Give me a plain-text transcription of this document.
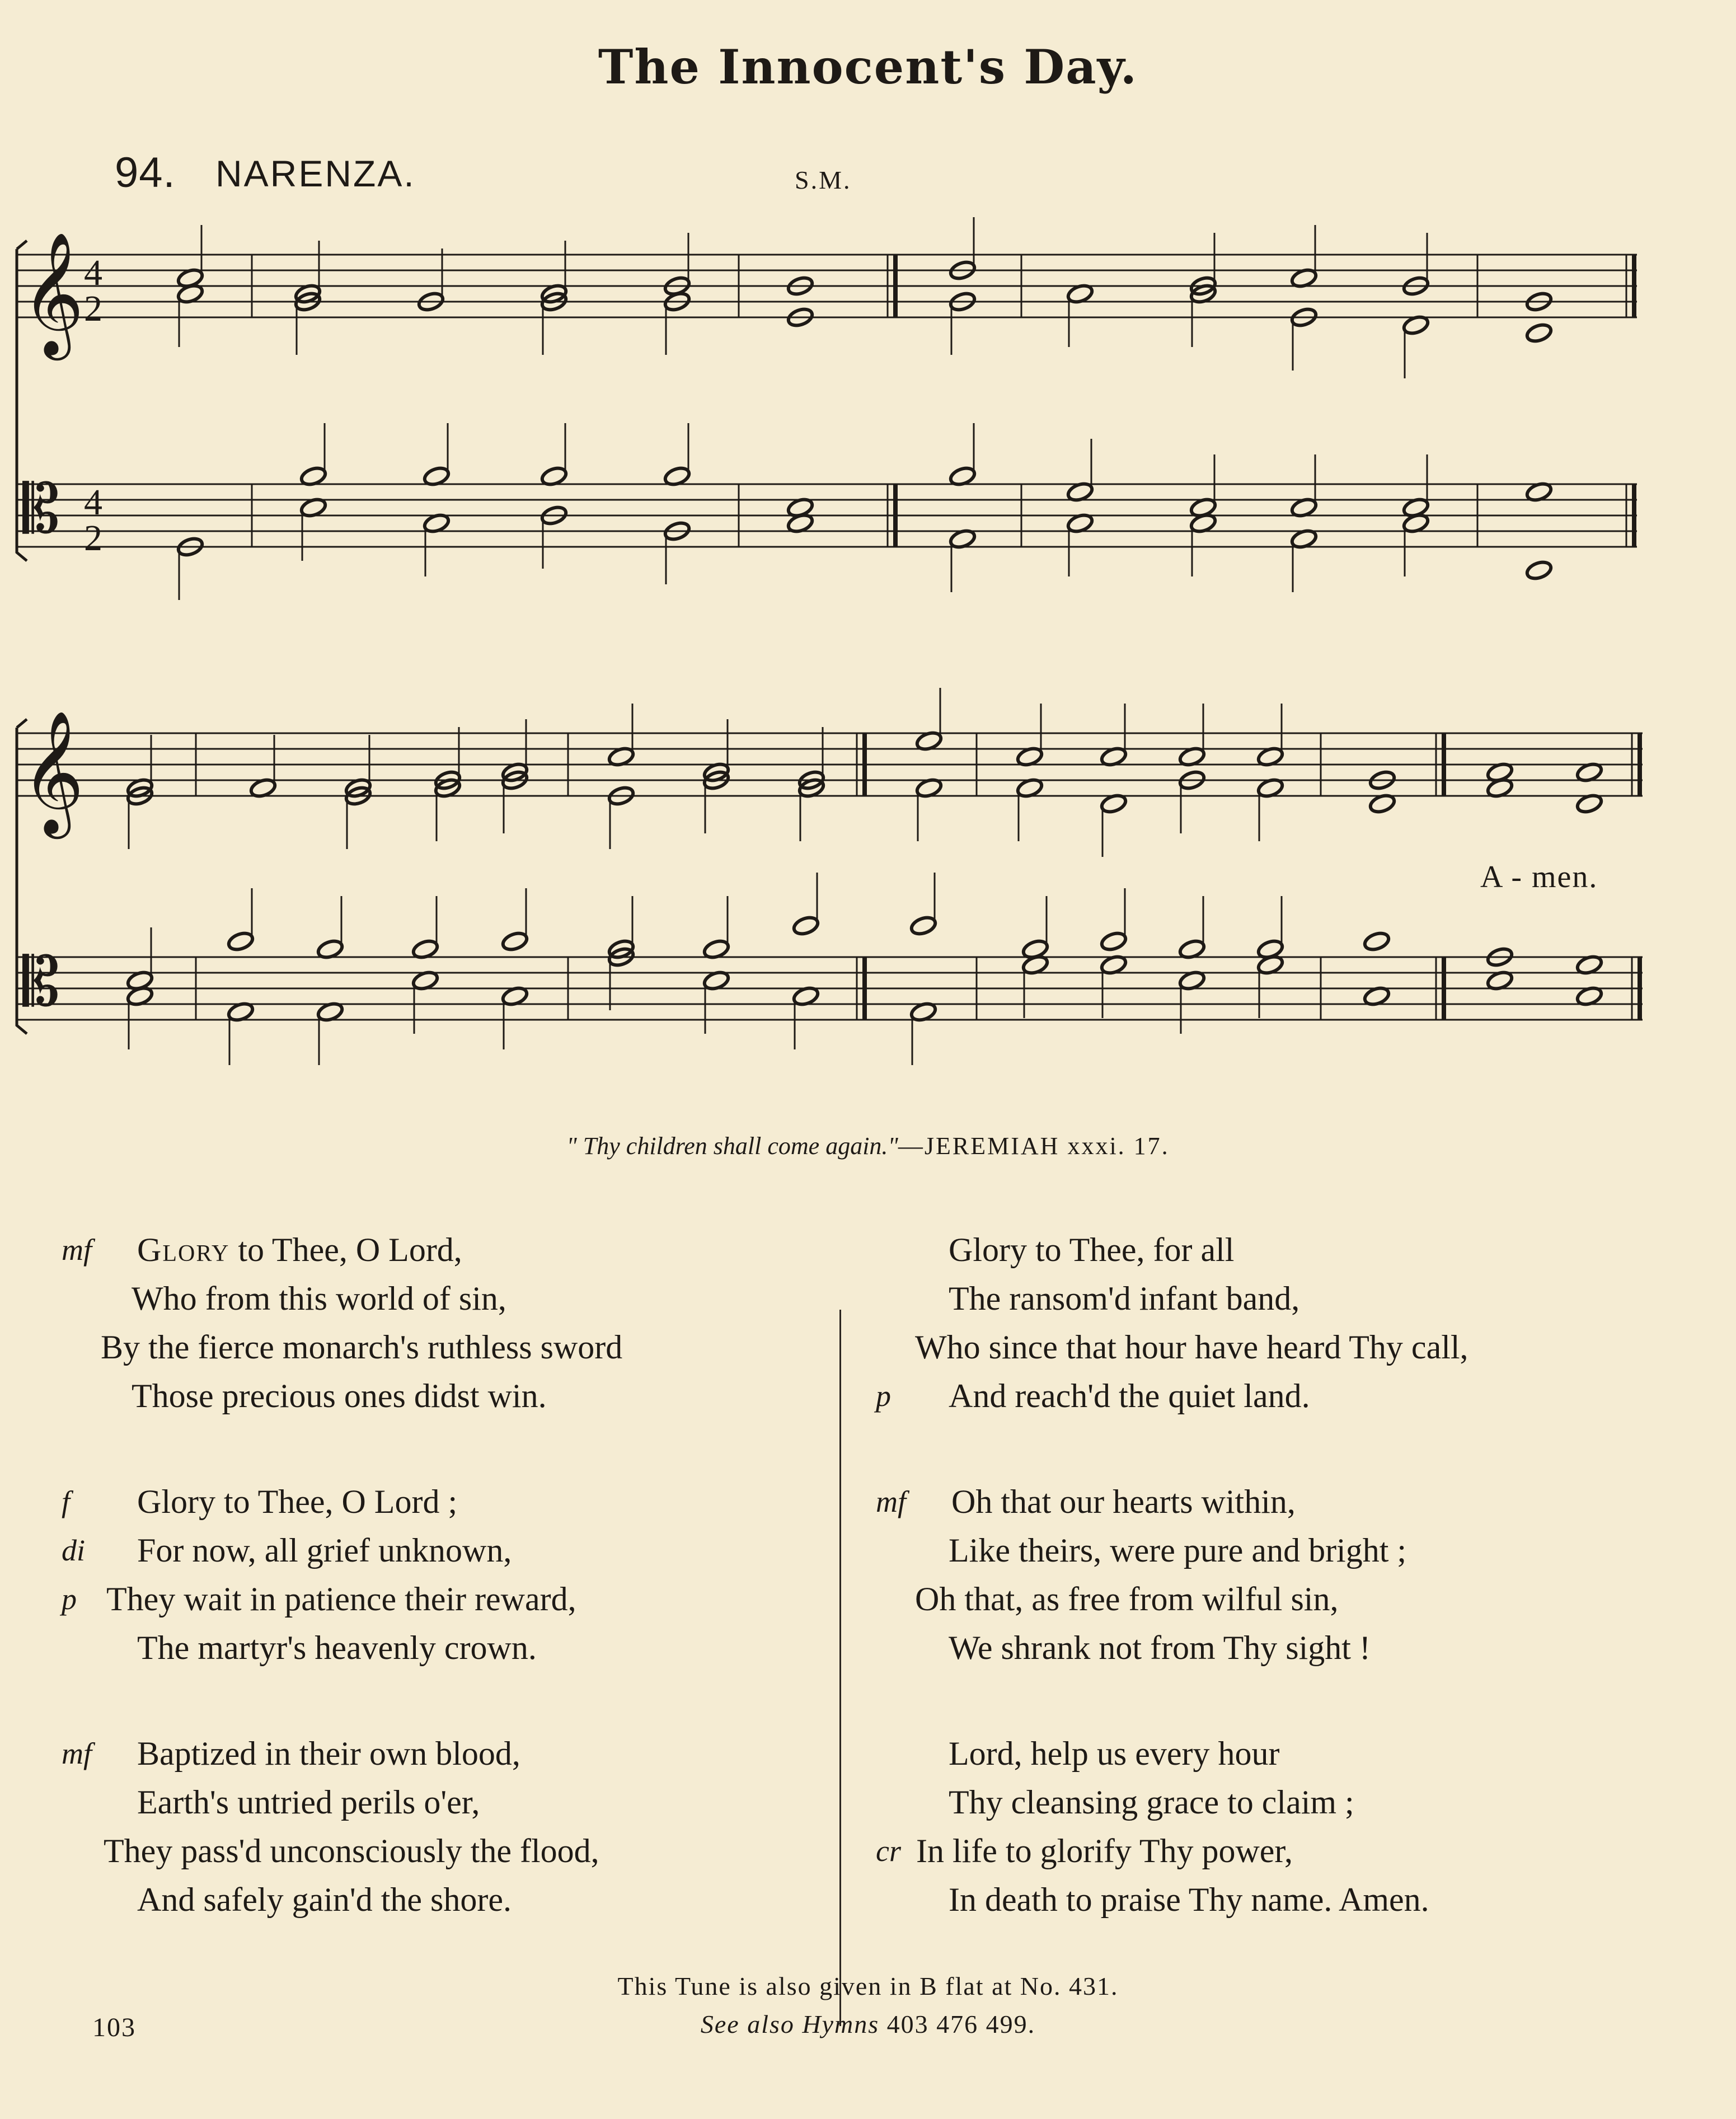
The Innocent's Day.
94. NARENZA.	S.M.
𝄞
𝄡
4
2
4
2
𝄞
𝄡
A - men.
" Thy children shall come again."—JEREMIAH xxxi. 17.
mf Glory to Thee, O Lord,
Who from this world of sin,
By the fierce monarch's ruthless sword
Those precious ones didst win.
f Glory to Thee, O Lord ;
di For now, all grief unknown,
p They wait in patience their reward,
The martyr's heavenly crown.
mf Baptized in their own blood,
Earth's untried perils o'er,
They pass'd unconsciously the flood,
And safely gain'd the shore.
Glory to Thee, for all
The ransom'd infant band,
Who since that hour have heard Thy call,
p And reach'd the quiet land.
mf Oh that our hearts within,
Like theirs, were pure and bright ;
Oh that, as free from wilful sin,
We shrank not from Thy sight !
Lord, help us every hour
Thy cleansing grace to claim ;
cr In life to glorify Thy power,
In death to praise Thy name. Amen.
This Tune is also given in B flat at No. 431.
See also Hymns 403 476 499.
103
